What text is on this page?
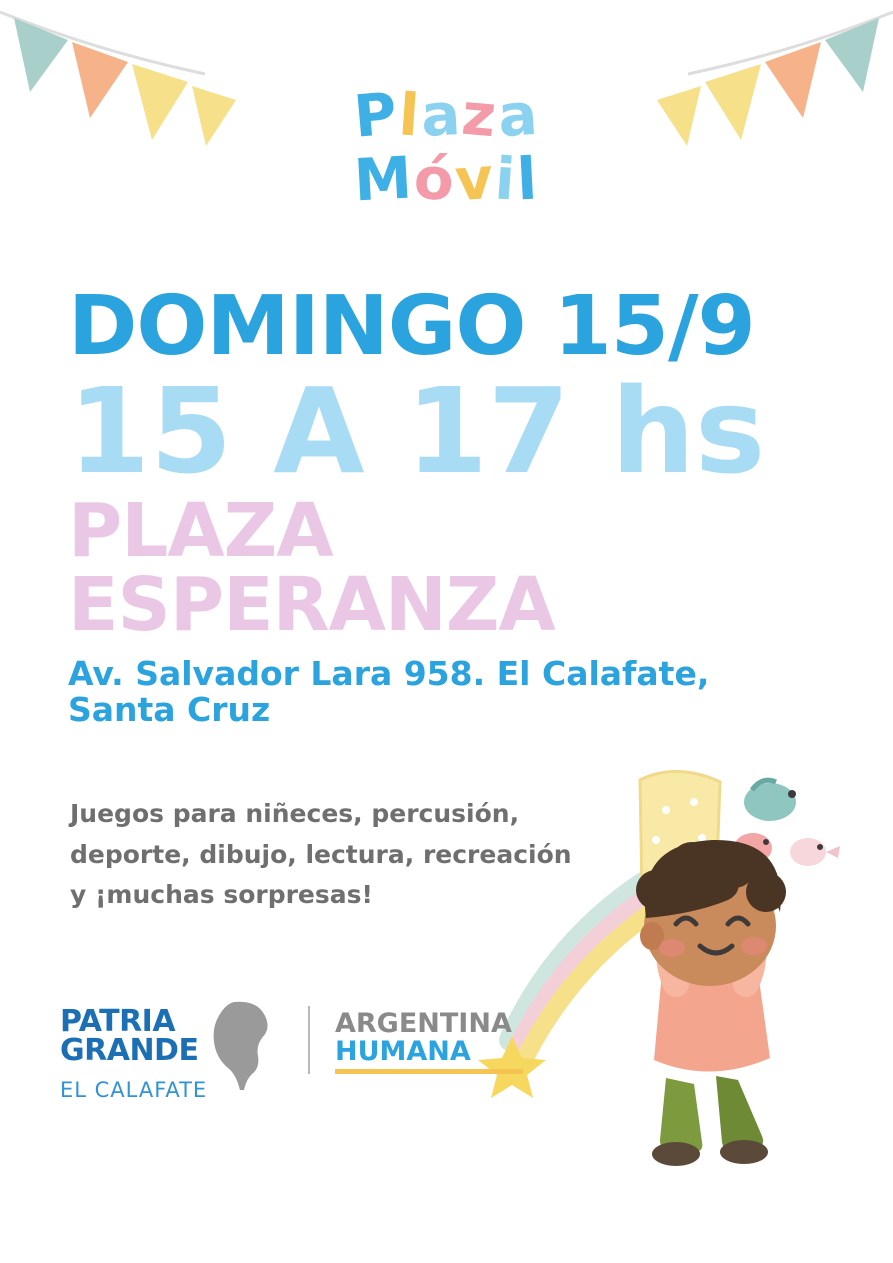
Plaza
Móvil
DOMINGO 15/9
15 A 17 hs
PLAZA ESPERANZA

Av. Salvador Lara 958. El Calafate, Santa Cruz

Juegos para niñeces, percusión,

deporte, dibujo, lectura, recreación

y ¡muchas sorpresas!

PATRIA
GRANDE
EL CALAFATE
ARGENTINA
HUMANA
